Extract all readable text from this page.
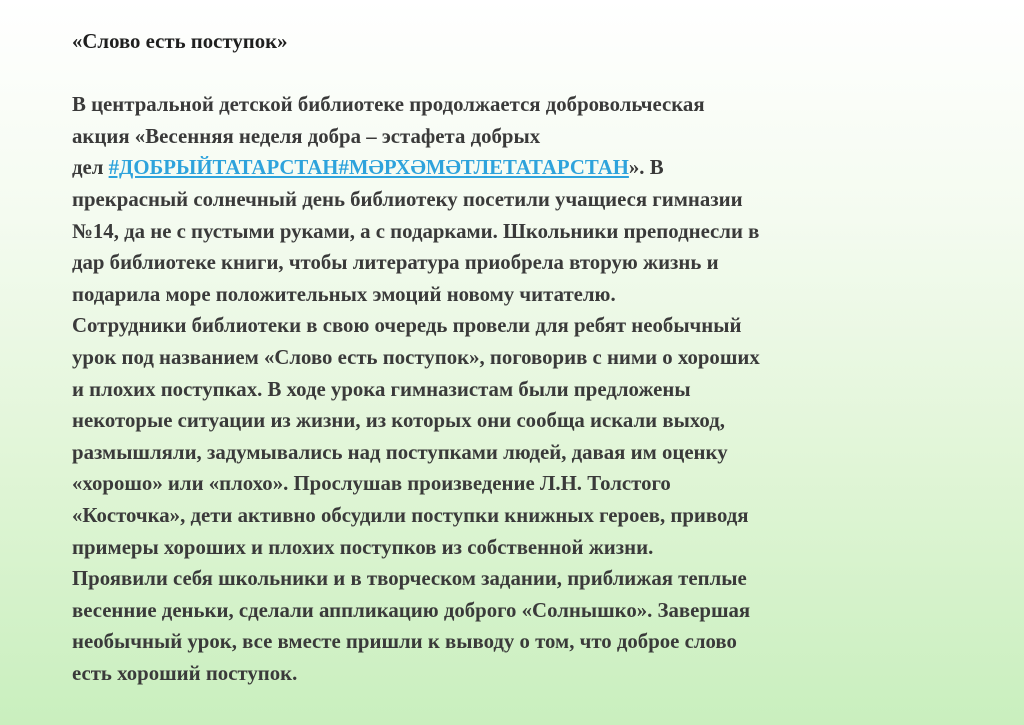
«Слово есть поступок»
В центральной детской библиотеке продолжается добровольческая
акция «Весенняя неделя добра – эстафета добрых
дел #ДОБРЫЙТАТАРСТАН#МӘРХӘМӘТЛЕТАТАРСТАН». В
прекрасный солнечный день библиотеку посетили учащиеся гимназии
№14, да не с пустыми руками, а с подарками. Школьники преподнесли в
дар библиотеке книги, чтобы литература приобрела вторую жизнь и
подарила море положительных эмоций новому читателю.
Сотрудники библиотеки в свою очередь провели для ребят необычный
урок под названием «Слово есть поступок», поговорив с ними о хороших
и плохих поступках. В ходе урока гимназистам были предложены
некоторые ситуации из жизни, из которых они сообща искали выход,
размышляли, задумывались над поступками людей, давая им оценку
«хорошо» или «плохо». Прослушав произведение Л.Н. Толстого
«Косточка», дети активно обсудили поступки книжных героев, приводя
примеры хороших и плохих поступков из собственной жизни.
Проявили себя школьники и в творческом задании, приближая теплые
весенние деньки, сделали аппликацию доброго «Солнышко». Завершая
необычный урок, все вместе пришли к выводу о том, что доброе слово
есть хороший поступок.
